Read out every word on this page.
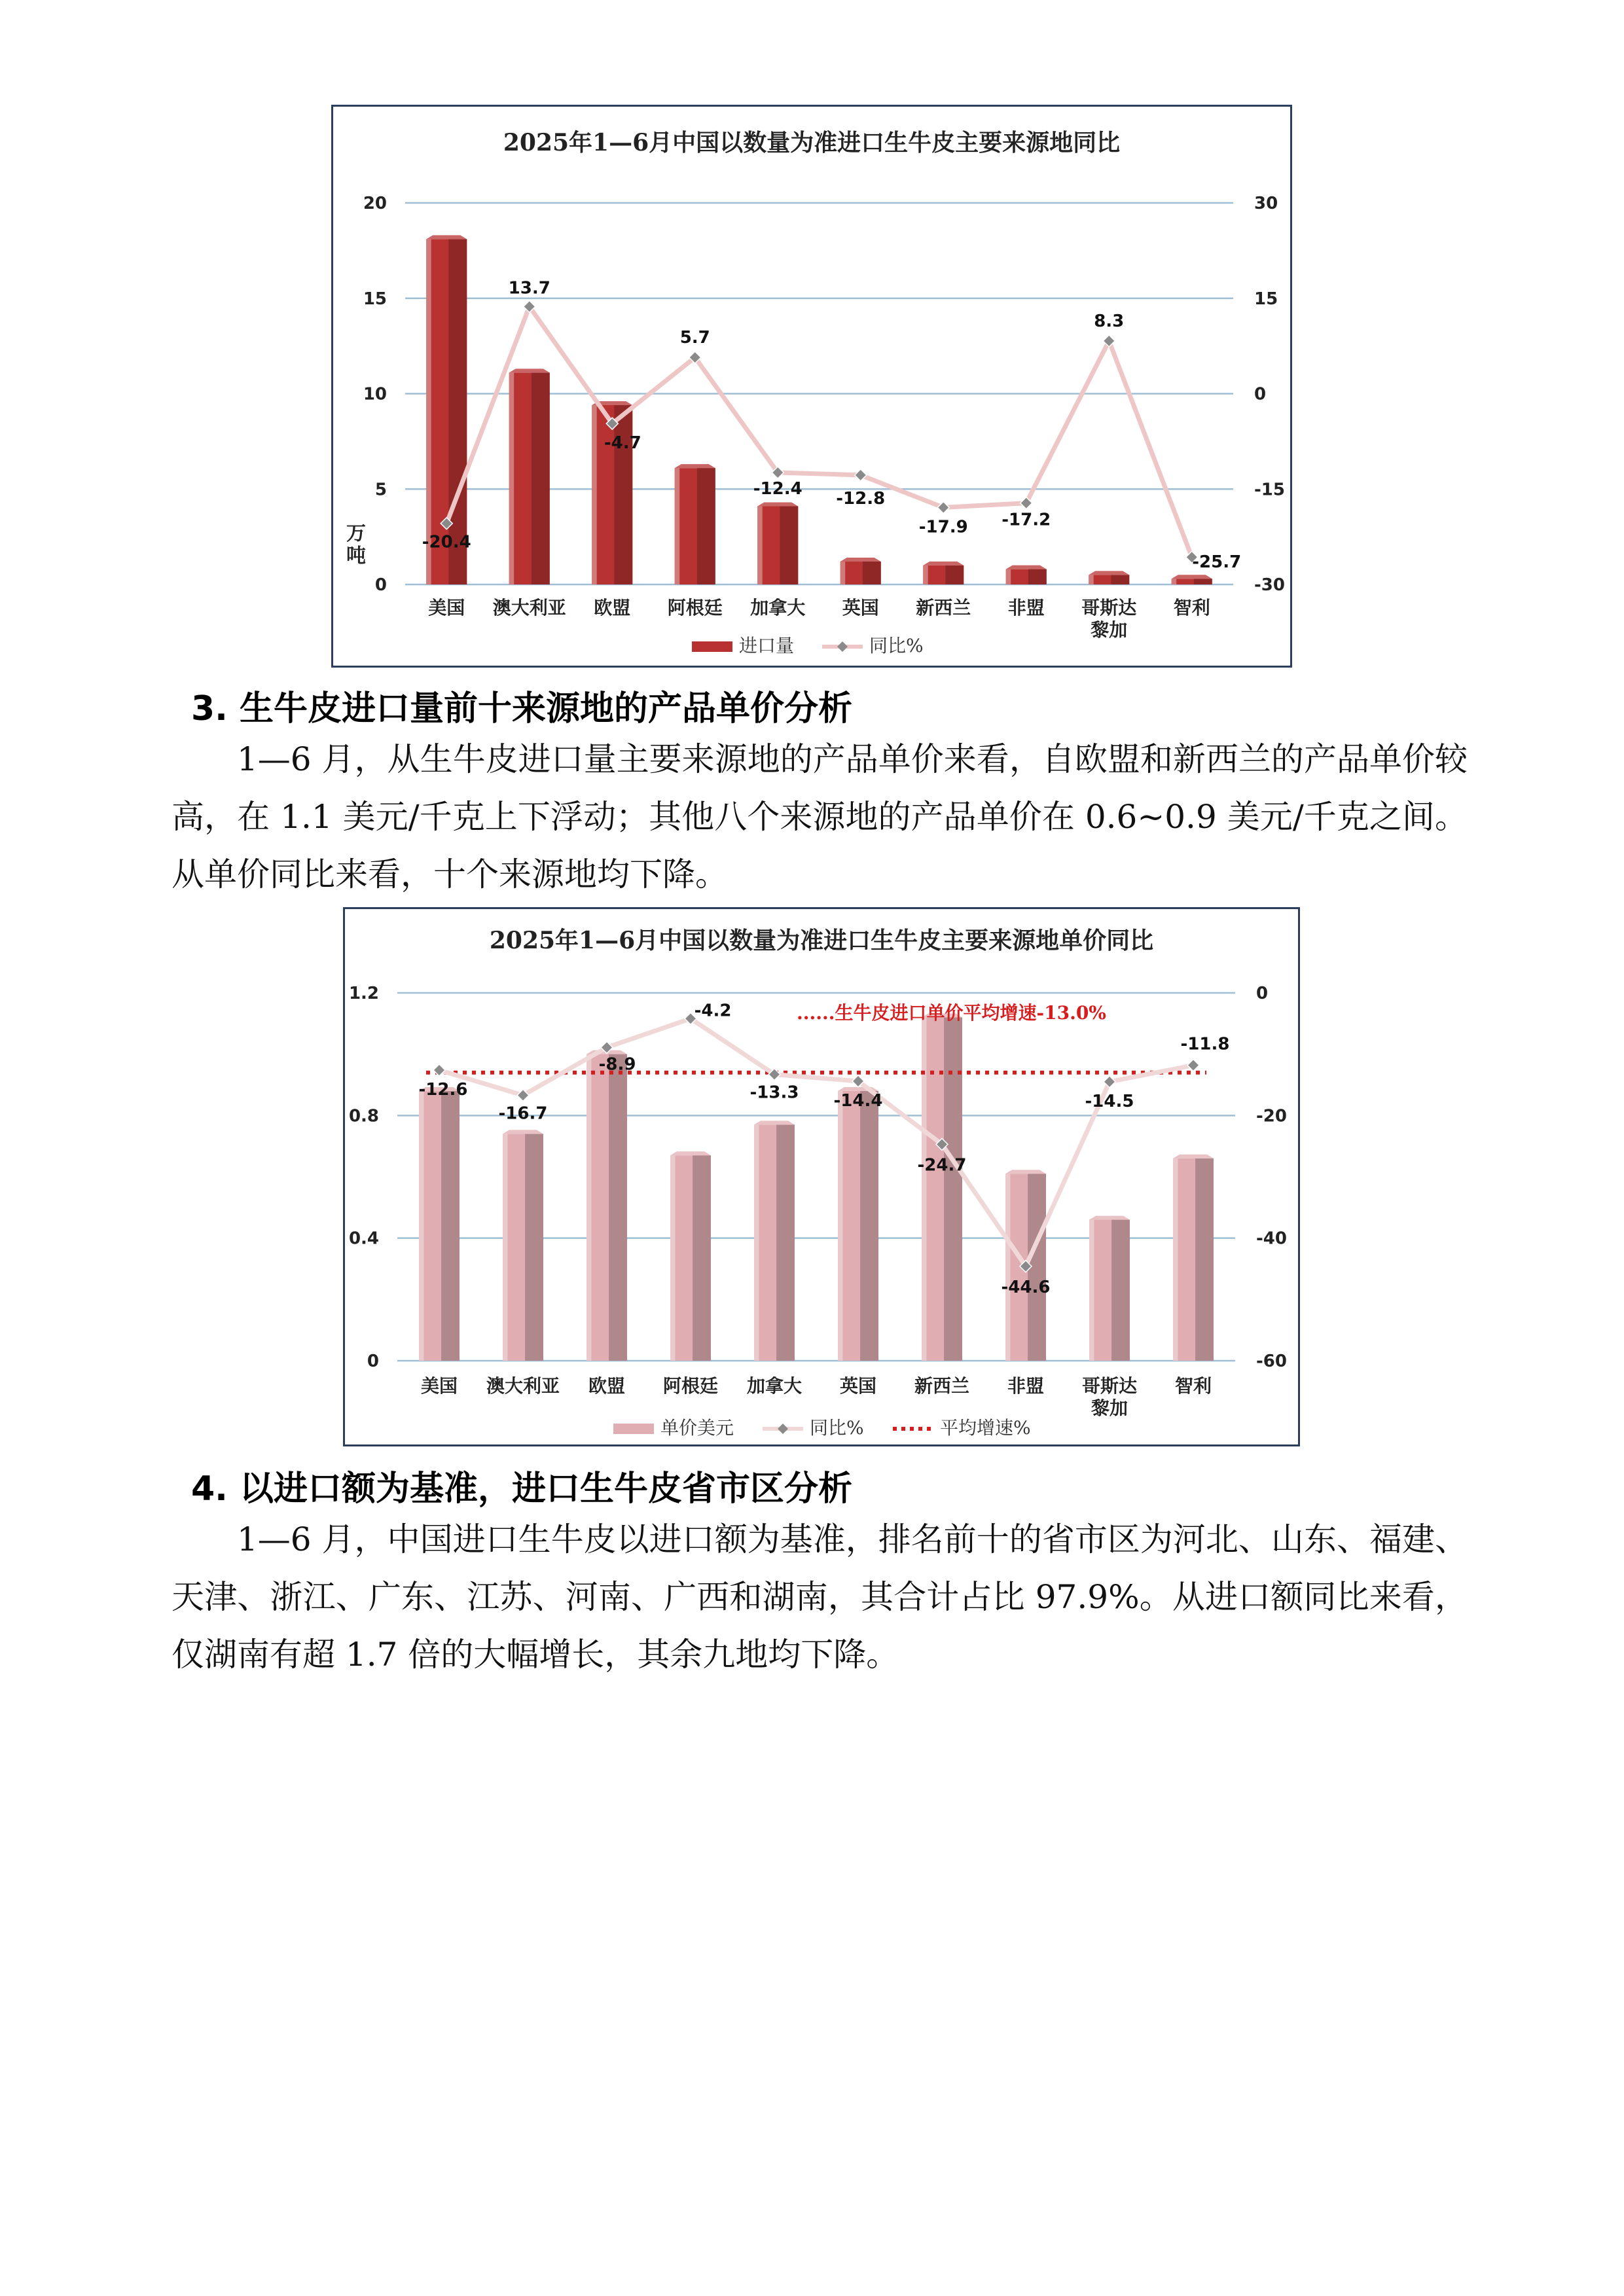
2025年1—6月中国以数量为准进口生牛皮主要来源地同比
0
5
10
15
20
-30
-15
0
15
30
万
吨
-20.4
13.7
-4.7
5.7
-12.4 -12.8
-17.9 -17.2
8.3
-25.7
美国 澳大利亚 欧盟 阿根廷 加拿大 英国 新西兰 非盟 哥斯达
黎加
智利
进口量	同比%
3. 生牛皮进口量前十来源地的产品单价分析

1—6 月，从生牛皮进口量主要来源地的产品单价来看，自欧盟和新西兰的产品单价较高，在 1.1 美元/千克上下浮动；其他八个来源地的产品单价在 0.6~0.9 美元/千克之间。从单价同比来看，十个来源地均下降。

2025年1—6月中国以数量为准进口生牛皮主要来源地单价同比
0
0.4
0.8
1.2
-60
-40
-20
0
-12.6
-16.7
-8.9
-4.2
-13.3 -14.4
-24.7
-44.6
-14.5
-11.8
美国 澳大利亚 欧盟 阿根廷 加拿大 英国 新西兰 非盟 哥斯达
黎加
智利
......生牛皮进口单价平均增速-13.0%
单价美元	同比%	平均增速%
4. 以进口额为基准，进口生牛皮省市区分析

1—6 月，中国进口生牛皮以进口额为基准，排名前十的省市区为河北、山东、福建、天津、浙江、广东、江苏、河南、广西和湖南，其合计占比 97.9%。从进口额同比来看，仅湖南有超 1.7 倍的大幅增长，其余九地均下降。
